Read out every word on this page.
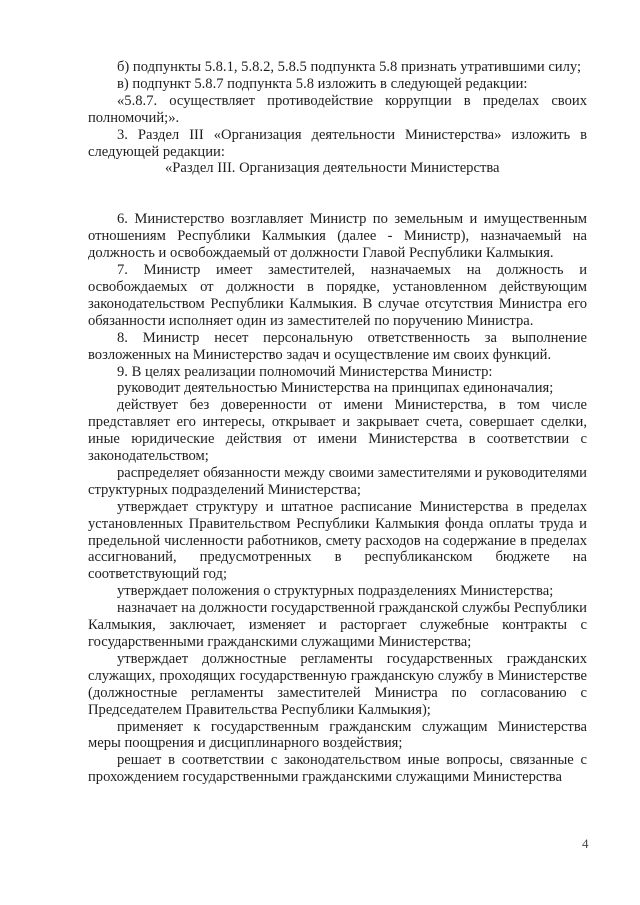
б) подпункты 5.8.1, 5.8.2, 5.8.5 подпункта 5.8 признать утратившими силу;

в) подпункт 5.8.7 подпункта 5.8 изложить в следующей редакции:

«5.8.7. осуществляет противодействие коррупции в пределах своих полномочий;».

3. Раздел III «Организация деятельности Министерства» изложить в следующей редакции:

«Раздел III. Организация деятельности Министерства

6. Министерство возглавляет Министр по земельным и имущественным отношениям Республики Калмыкия (далее - Министр), назначаемый на должность и освобождаемый от должности Главой Республики Калмыкия.

7. Министр имеет заместителей, назначаемых на должность и освобождаемых от должности в порядке, установленном действующим законодательством Республики Калмыкия. В случае отсутствия Министра его обязанности исполняет один из заместителей по поручению Министра.

8. Министр несет персональную ответственность за выполнение возложенных на Министерство задач и осуществление им своих функций.

9. В целях реализации полномочий Министерства Министр:

руководит деятельностью Министерства на принципах единоначалия;

действует без доверенности от имени Министерства, в том числе представляет его интересы, открывает и закрывает счета, совершает сделки, иные юридические действия от имени Министерства в соответствии с законодательством;

распределяет обязанности между своими заместителями и руководителями структурных подразделений Министерства;

утверждает структуру и штатное расписание Министерства в пределах установленных Правительством Республики Калмыкия фонда оплаты труда и предельной численности работников, смету расходов на содержание в пределах ассигнований, предусмотренных в республиканском бюджете на соответствующий год;

утверждает положения о структурных подразделениях Министерства;

назначает на должности государственной гражданской службы Республики Калмыкия, заключает, изменяет и расторгает служебные контракты с государственными гражданскими служащими Министерства;

утверждает должностные регламенты государственных гражданских служащих, проходящих государственную гражданскую службу в Министерстве (должностные регламенты заместителей Министра по согласованию с Председателем Правительства Республики Калмыкия);

применяет к государственным гражданским служащим Министерства меры поощрения и дисциплинарного воздействия;

решает в соответствии с законодательством иные вопросы, связанные с прохождением государственными гражданскими служащими Министерства

4
